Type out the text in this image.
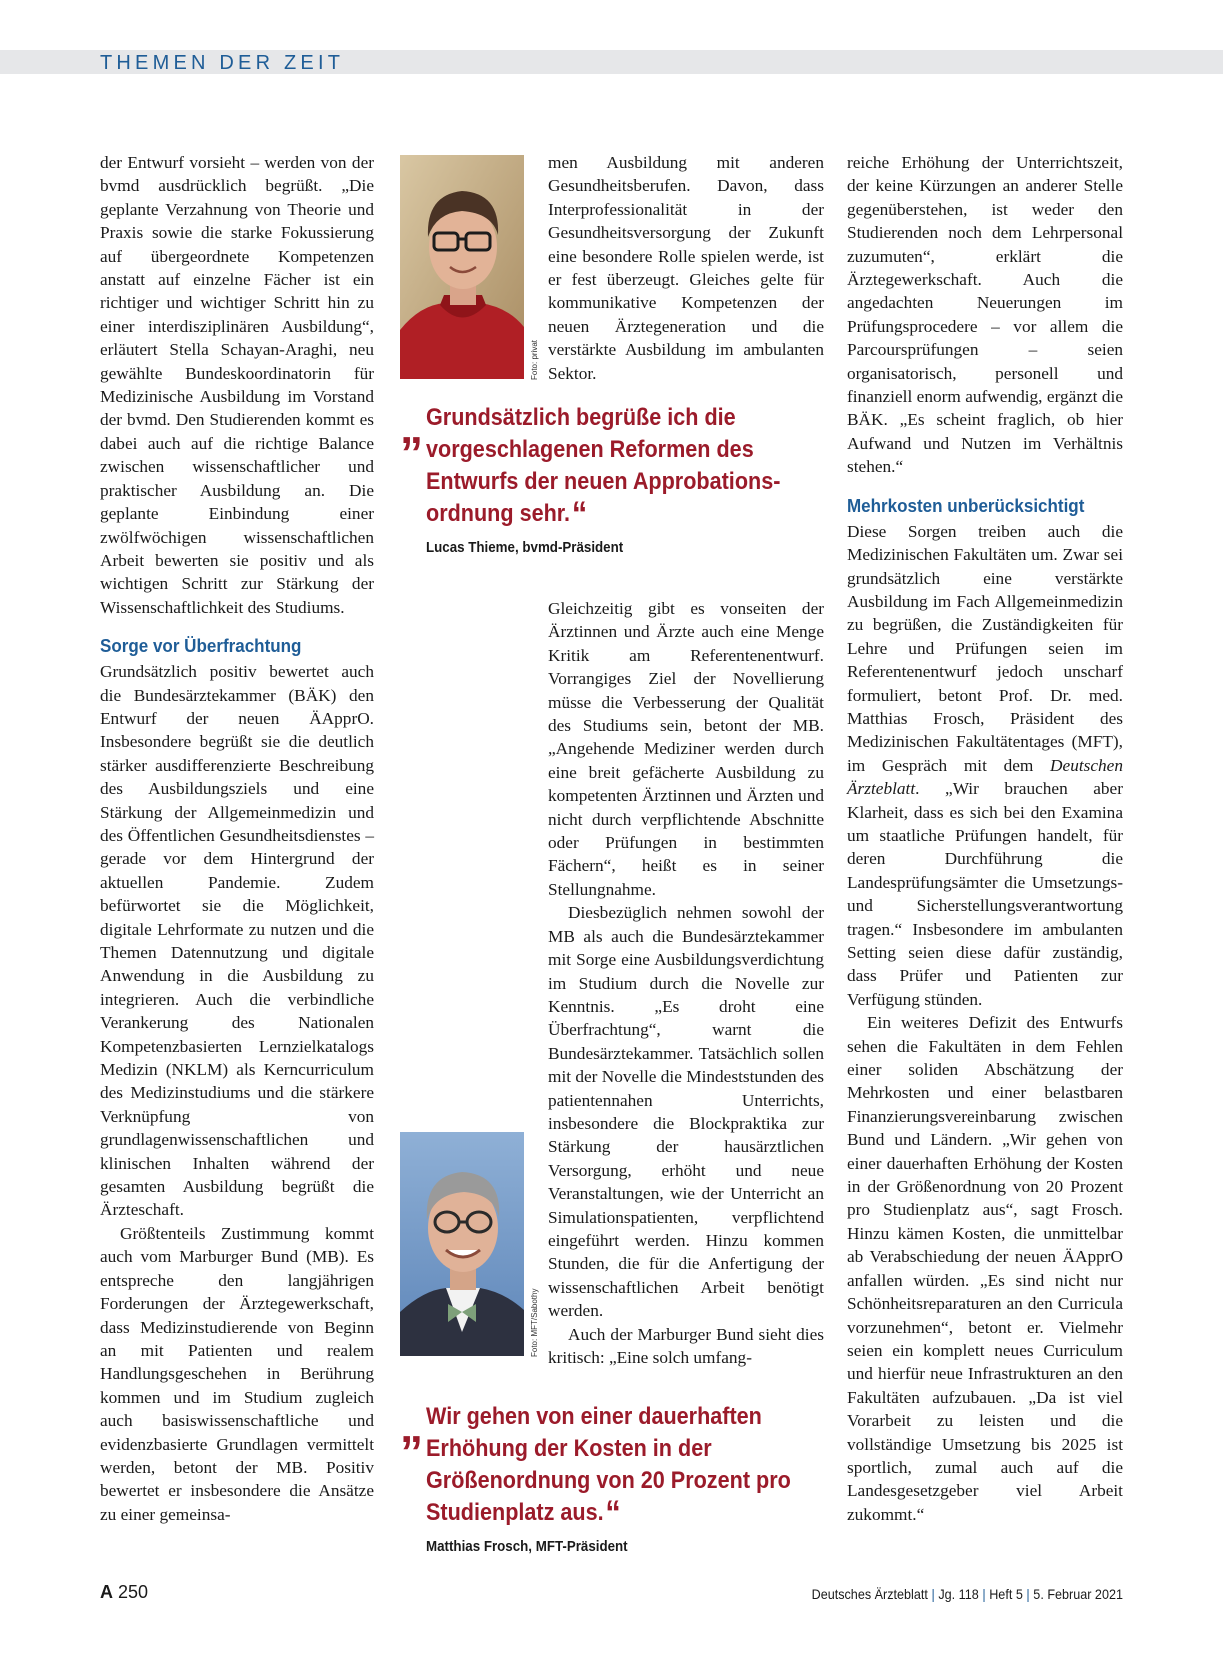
THEMEN DER ZEIT

der Entwurf vorsieht – werden von der bvmd ausdrücklich begrüßt. „Die geplante Verzahnung von Theorie und Praxis sowie die starke Fokussierung auf übergeordnete Kompetenzen anstatt auf einzelne Fächer ist ein richtiger und wichtiger Schritt hin zu einer interdisziplinären Ausbildung“, erläutert Stella Schayan-Araghi, neu gewählte Bundeskoordinatorin für Medizinische Ausbildung im Vorstand der bvmd. Den Studierenden kommt es dabei auch auf die richtige Balance zwischen wissenschaftlicher und praktischer Ausbildung an. Die geplante Einbindung einer zwölfwöchigen wissenschaftlichen Arbeit bewerten sie positiv und als wichtigen Schritt zur Stärkung der Wissenschaftlichkeit des Studiums.

Sorge vor Überfrachtung

Grundsätzlich positiv bewertet auch die Bundesärztekammer (BÄK) den Entwurf der neuen ÄApprO. Insbesondere begrüßt sie die deutlich stärker ausdifferenzierte Beschreibung des Ausbildungsziels und eine Stärkung der Allgemeinmedizin und des Öffentlichen Gesundheitsdienstes – gerade vor dem Hintergrund der aktuellen Pandemie. Zudem befürwortet sie die Möglichkeit, digitale Lehrformate zu nutzen und die Themen Datennutzung und digitale Anwendung in die Ausbildung zu integrieren. Auch die verbindliche Verankerung des Nationalen Kompetenzbasierten Lernzielkatalogs Medizin (NKLM) als Kerncurriculum des Medizinstudiums und die stärkere Verknüpfung von grundlagenwissenschaftlichen und klinischen Inhalten während der gesamten Ausbildung begrüßt die Ärzteschaft.

Größtenteils Zustimmung kommt auch vom Marburger Bund (MB). Es entspreche den langjährigen Forderungen der Ärztegewerkschaft, dass Medizinstudierende von Beginn an mit Patienten und realem Handlungsgeschehen in Berührung kommen und im Studium zugleich auch basiswissenschaftliche und evidenzbasierte Grundlagen vermittelt werden, betont der MB. Positiv bewertet er insbesondere die Ansätze zu einer gemeinsa-

Foto: privat

men Ausbildung mit anderen Gesundheitsberufen. Davon, dass Interprofessionalität in der Gesundheitsversorgung der Zukunft eine besondere Rolle spielen werde, ist er fest überzeugt. Gleiches gelte für kommunikative Kompetenzen der neuen Ärztegeneration und die verstärkte Ausbildung im ambulanten Sektor.

„ Grundsätzlich begrüße ich die vorgeschlagenen Reformen des Entwurfs der neuen Approbationsordnung sehr.“
Lucas Thieme, bvmd-Präsident

Gleichzeitig gibt es vonseiten der Ärztinnen und Ärzte auch eine Menge Kritik am Referentenentwurf. Vorrangiges Ziel der Novellierung müsse die Verbesserung der Qualität des Studiums sein, betont der MB. „Angehende Mediziner werden durch eine breit gefächerte Ausbildung zu kompetenten Ärztinnen und Ärzten und nicht durch verpflichtende Abschnitte oder Prüfungen in bestimmten Fächern“, heißt es in seiner Stellungnahme.

Diesbezüglich nehmen sowohl der MB als auch die Bundesärztekammer mit Sorge eine Ausbildungsverdichtung im Studium durch die Novelle zur Kenntnis. „Es droht eine Überfrachtung“, warnt die Bundesärztekammer. Tatsächlich sollen mit der Novelle die Mindeststunden des patientennahen Unterrichts, insbesondere die Blockpraktika zur Stärkung der hausärztlichen Versorgung, erhöht und neue Veranstaltungen, wie der Unterricht an Simulationspatienten, verpflichtend eingeführt werden. Hinzu kommen Stunden, die für die Anfertigung der wissenschaftlichen Arbeit benötigt werden.

Auch der Marburger Bund sieht dies kritisch: „Eine solch umfang-

Foto: MFT/Sabothy
„ Wir gehen von einer dauerhaften Erhöhung der Kosten in der Größenordnung von 20 Prozent pro Studienplatz aus.“
Matthias Frosch, MFT-Präsident

reiche Erhöhung der Unterrichtszeit, der keine Kürzungen an anderer Stelle gegenüberstehen, ist weder den Studierenden noch dem Lehrpersonal zuzumuten“, erklärt die Ärztegewerkschaft. Auch die angedachten Neuerungen im Prüfungsprocedere – vor allem die Parcoursprüfungen – seien organisatorisch, personell und finanziell enorm aufwendig, ergänzt die BÄK. „Es scheint fraglich, ob hier Aufwand und Nutzen im Verhältnis stehen.“

Mehrkosten unberücksichtigt

Diese Sorgen treiben auch die Medizinischen Fakultäten um. Zwar sei grundsätzlich eine verstärkte Ausbildung im Fach Allgemeinmedizin zu begrüßen, die Zuständigkeiten für Lehre und Prüfungen seien im Referentenentwurf jedoch unscharf formuliert, betont Prof. Dr. med. Matthias Frosch, Präsident des Medizinischen Fakultätentages (MFT), im Gespräch mit dem Deutschen Ärzteblatt. „Wir brauchen aber Klarheit, dass es sich bei den Examina um staatliche Prüfungen handelt, für deren Durchführung die Landesprüfungsämter die Umsetzungs- und Sicherstellungsverantwortung tragen.“ Insbesondere im ambulanten Setting seien diese dafür zuständig, dass Prüfer und Patienten zur Verfügung stünden.

Ein weiteres Defizit des Entwurfs sehen die Fakultäten in dem Fehlen einer soliden Abschätzung der Mehrkosten und einer belastbaren Finanzierungsvereinbarung zwischen Bund und Ländern. „Wir gehen von einer dauerhaften Erhöhung der Kosten in der Größenordnung von 20 Prozent pro Studienplatz aus“, sagt Frosch. Hinzu kämen Kosten, die unmittelbar ab Verabschiedung der neuen ÄApprO anfallen würden. „Es sind nicht nur Schönheitsreparaturen an den Curricula vorzunehmen“, betont er. Vielmehr seien ein komplett neues Curriculum und hierfür neue Infrastrukturen an den Fakultäten aufzubauen. „Da ist viel Vorarbeit zu leisten und die vollständige Umsetzung bis 2025 ist sportlich, zumal auch auf die Landesgesetzgeber viel Arbeit zukommt.“

A 250	Deutsches Ärzteblatt | Jg. 118 | Heft 5 | 5. Februar 2021
